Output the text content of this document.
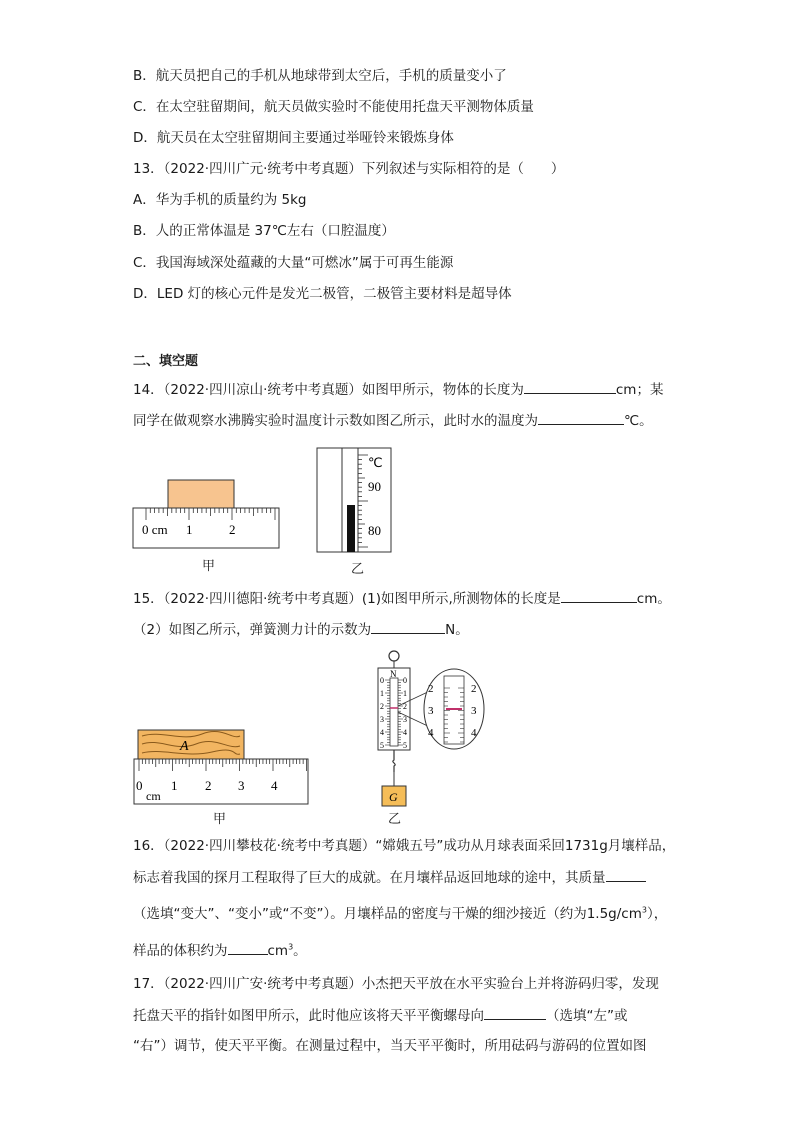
B．航天员把自己的手机从地球带到太空后，手机的质量变小了
C．在太空驻留期间，航天员做实验时不能使用托盘天平测物体质量
D．航天员在太空驻留期间主要通过举哑铃来锻炼身体
13．（2022·四川广元·统考中考真题）下列叙述与实际相符的是（　　）
A．华为手机的质量约为 5kg
B．人的正常体温是 37℃左右（口腔温度）
C．我国海域深处蕴藏的大量“可燃冰”属于可再生能源
D．LED 灯的核心元件是发光二极管，二极管主要材料是超导体
二、填空题
14．（2022·四川凉山·统考中考真题）如图甲所示，物体的长度为	cm；某
同学在做观察水沸腾实验时温度计示数如图乙所示，此时水的温度为	℃。
0 cm 1	2
甲
℃
90
80
乙
15．（2022·四川德阳·统考中考真题）(1)如图甲所示,所测物体的长度是	cm。
（2）如图乙所示，弹簧测力计的示数为	N。
A
0 1 2 3 4
cm
甲
N
0 0
1 1
2 2
3 3
4 4
5 5
G
2
3
4
2
3
4
乙
16．（2022·四川攀枝花·统考中考真题）“嫦娥五号”成功从月球表面采回1731g月壤样品，
标志着我国的探月工程取得了巨大的成就。在月壤样品返回地球的途中，其质量
（选填“变大”、“变小”或“不变”）。月壤样品的密度与干燥的细沙接近（约为$1.5g/cm^3$），
样品的体积约为	$cm^3$。
17．（2022·四川广安·统考中考真题）小杰把天平放在水平实验台上并将游码归零，发现
托盘天平的指针如图甲所示，此时他应该将天平平衡螺母向	（选填“左”或
“右”）调节，使天平平衡。在测量过程中，当天平平衡时，所用砝码与游码的位置如图
